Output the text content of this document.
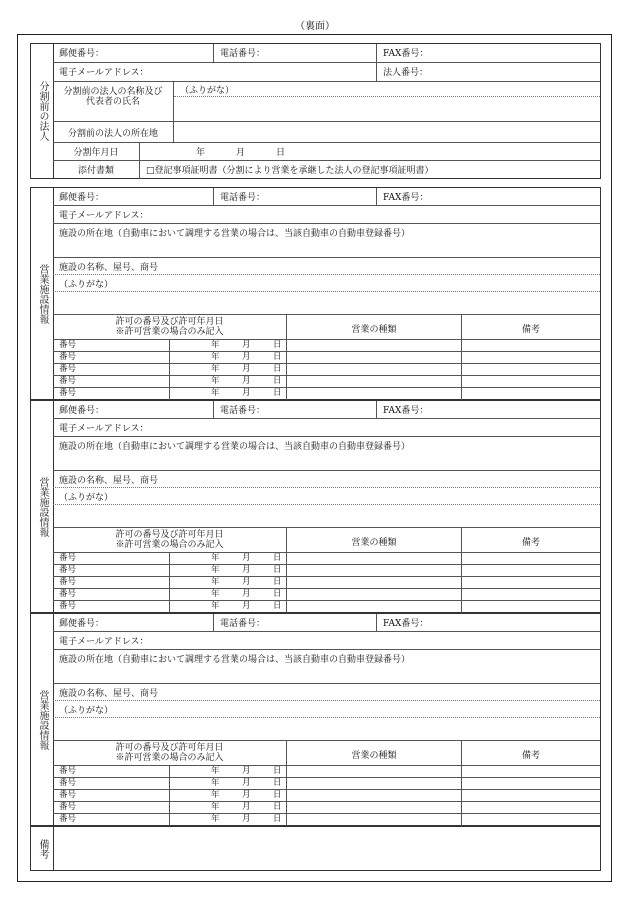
（裏面）
分割前の法人
郵便番号：	電話番号：	FAX番号：
電子メールアドレス：	法人番号：
分割前の法人の名称及び
代表者の氏名
（ふりがな）
分割前の法人の所在地
分割年月日	年	月	日
添付書類	□登記事項証明書（分割により営業を承継した法人の登記事項証明書）
備考
営業施設情報
郵便番号：	電話番号：	FAX番号：
電子メールアドレス：
施設の所在地（自動車において調理する営業の場合は、当該自動車の自動車登録番号）
施設の名称、屋号、商号
（ふりがな）
許可の番号及び許可年月日
※許可営業の場合のみ記入	営業の種類	備考
番号	年	月	日
番号	年	月	日
番号	年	月	日
番号	年	月	日
番号	年	月	日
営業施設情報
郵便番号：	電話番号：	FAX番号：
電子メールアドレス：
施設の所在地（自動車において調理する営業の場合は、当該自動車の自動車登録番号）
施設の名称、屋号、商号
（ふりがな）
許可の番号及び許可年月日
※許可営業の場合のみ記入	営業の種類	備考
番号	年	月	日
番号	年	月	日
番号	年	月	日
番号	年	月	日
番号	年	月	日
営業施設情報
郵便番号：	電話番号：	FAX番号：
電子メールアドレス：
施設の所在地（自動車において調理する営業の場合は、当該自動車の自動車登録番号）
施設の名称、屋号、商号
（ふりがな）
許可の番号及び許可年月日
※許可営業の場合のみ記入	営業の種類	備考
番号	年	月	日
番号	年	月	日
番号	年	月	日
番号	年	月	日
番号	年	月	日
